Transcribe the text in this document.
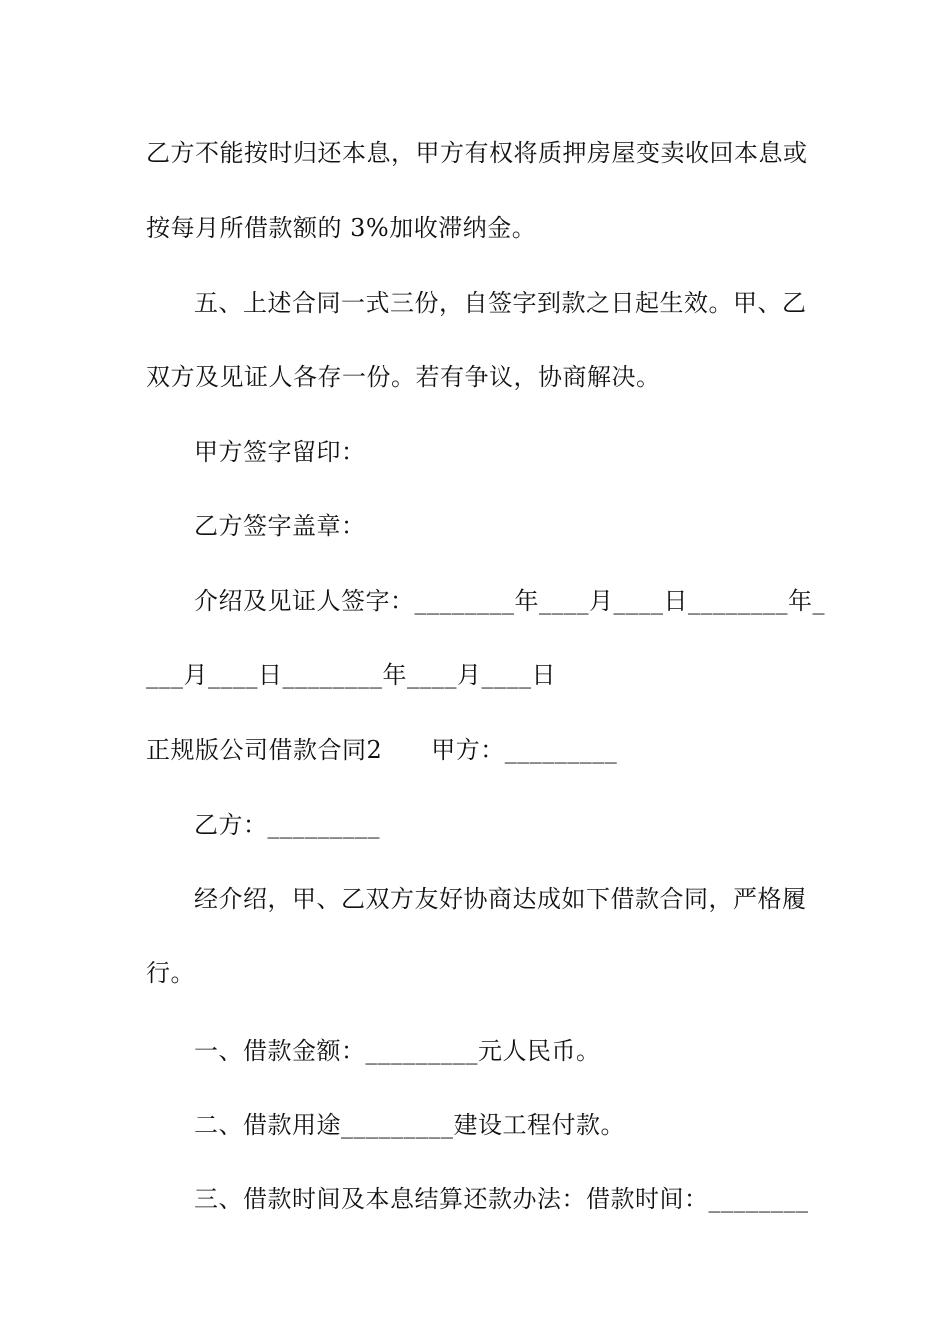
乙方不能按时归还本息，甲方有权将质押房屋变卖收回本息或
按每月所借款额的 3%加收滞纳金。
五、上述合同一式三份，自签字到款之日起生效。甲、乙
双方及见证人各存一份。若有争议，协商解决。
甲方签字留印：
乙方签字盖章：
介绍及见证人签字：________年____月____日________年_
___月____日________年____月____日
正规版公司借款合同2　　甲方：_________
乙方：_________
经介绍，甲、乙双方友好协商达成如下借款合同，严格履
行。
一、借款金额：_________元人民币。
二、借款用途_________建设工程付款。
三、借款时间及本息结算还款办法：借款时间：________
